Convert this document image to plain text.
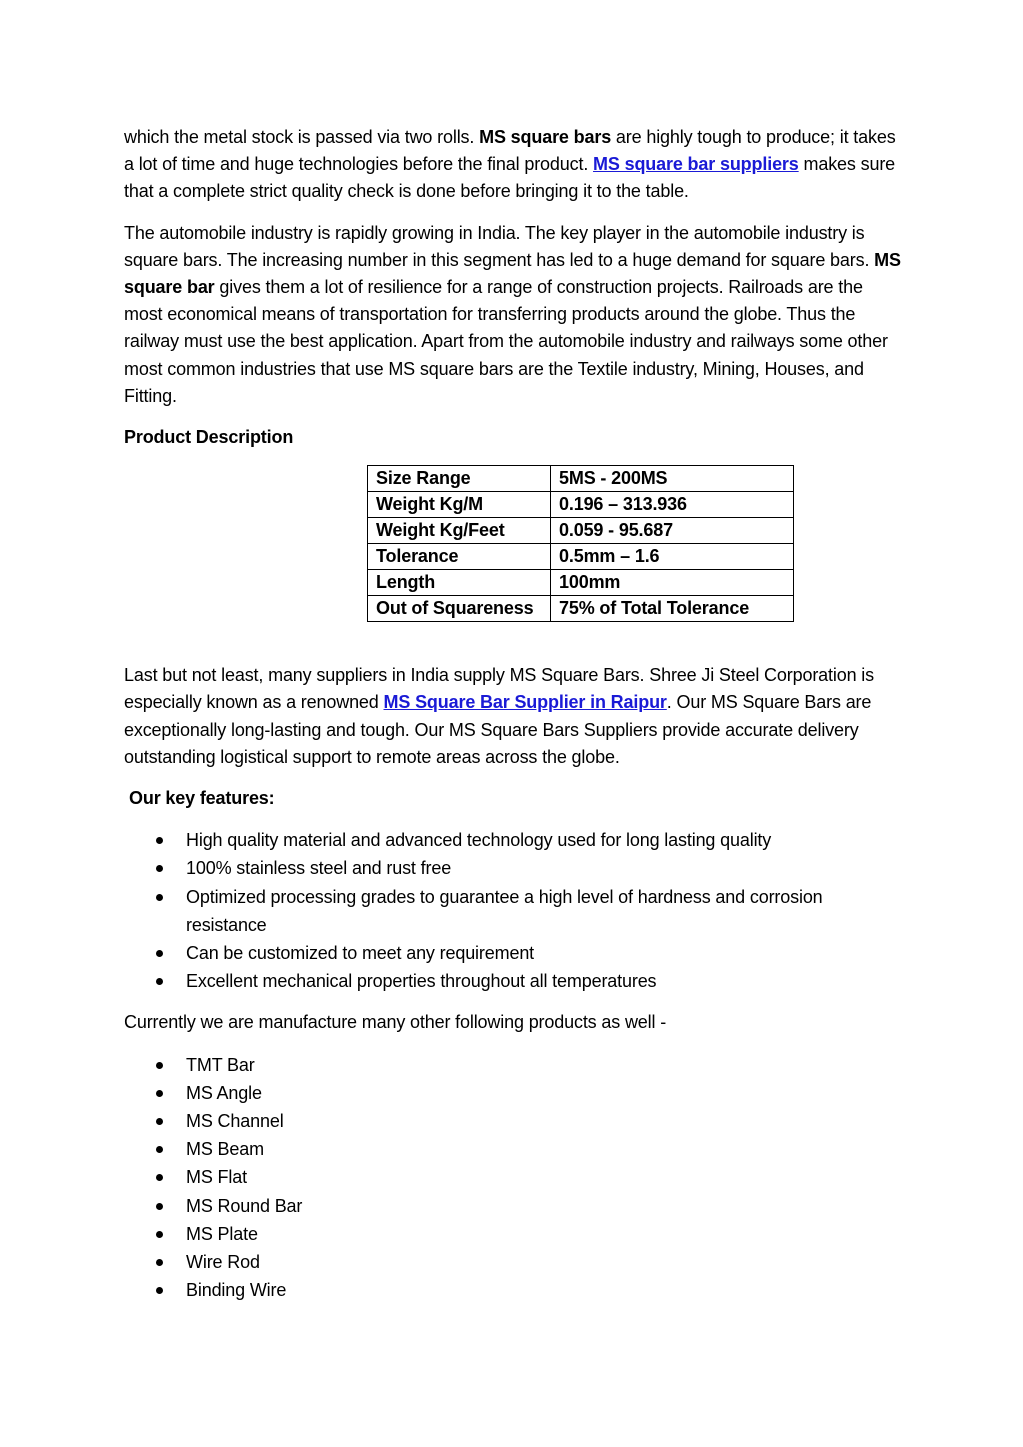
which the metal stock is passed via two rolls. MS square bars are highly tough to produce; it takes a lot of time and huge technologies before the final product. MS square bar suppliers makes sure that a complete strict quality check is done before bringing it to the table.

The automobile industry is rapidly growing in India. The key player in the automobile industry is square bars. The increasing number in this segment has led to a huge demand for square bars. MS square bar gives them a lot of resilience for a range of construction projects. Railroads are the most economical means of transportation for transferring products around the globe. Thus the railway must use the best application. Apart from the automobile industry and railways some other most common industries that use MS square bars are the Textile industry, Mining, Houses, and Fitting.

Product Description

Size Range	5MS - 200MS
Weight Kg/M	0.196 – 313.936
Weight Kg/Feet	0.059 - 95.687
Tolerance	0.5mm – 1.6
Length	100mm
Out of Squareness	75% of Total Tolerance

Last but not least, many suppliers in India supply MS Square Bars. Shree Ji Steel Corporation is especially known as a renowned MS Square Bar Supplier in Raipur. Our MS Square Bars are exceptionally long-lasting and tough. Our MS Square Bars Suppliers provide accurate delivery outstanding logistical support to remote areas across the globe.

Our key features:

High quality material and advanced technology used for long lasting quality
100% stainless steel and rust free
Optimized processing grades to guarantee a high level of hardness and corrosion resistance
Can be customized to meet any requirement
Excellent mechanical properties throughout all temperatures

Currently we are manufacture many other following products as well -

TMT Bar
MS Angle
MS Channel
MS Beam
MS Flat
MS Round Bar
MS Plate
Wire Rod
Binding Wire
